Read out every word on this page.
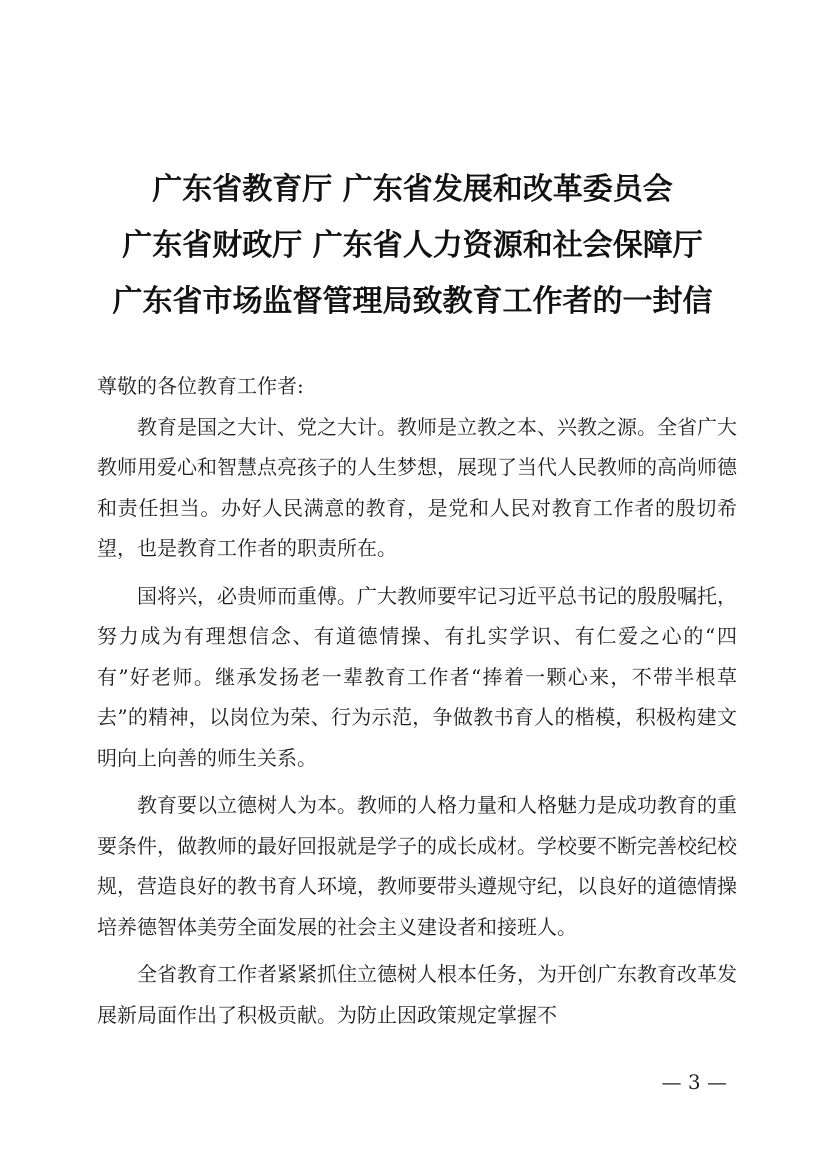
广东省教育厅 广东省发展和改革委员会
广东省财政厅 广东省人力资源和社会保障厅
广东省市场监督管理局致教育工作者的一封信

尊敬的各位教育工作者:

教育是国之大计、党之大计。教师是立教之本、兴教之源。全省广大教师用爱心和智慧点亮孩子的人生梦想，展现了当代人民教师的高尚师德和责任担当。办好人民满意的教育，是党和人民对教育工作者的殷切希望，也是教育工作者的职责所在。

国将兴，必贵师而重傅。广大教师要牢记习近平总书记的殷殷嘱托，努力成为有理想信念、有道德情操、有扎实学识、有仁爱之心的“四有”好老师。继承发扬老一辈教育工作者“捧着一颗心来，不带半根草去”的精神，以岗位为荣、行为示范，争做教书育人的楷模，积极构建文明向上向善的师生关系。

教育要以立德树人为本。教师的人格力量和人格魅力是成功教育的重要条件，做教师的最好回报就是学子的成长成材。学校要不断完善校纪校规，营造良好的教书育人环境，教师要带头遵规守纪，以良好的道德情操培养德智体美劳全面发展的社会主义建设者和接班人。

全省教育工作者紧紧抓住立德树人根本任务，为开创广东教育改革发展新局面作出了积极贡献。为防止因政策规定掌握不

— 3 —
